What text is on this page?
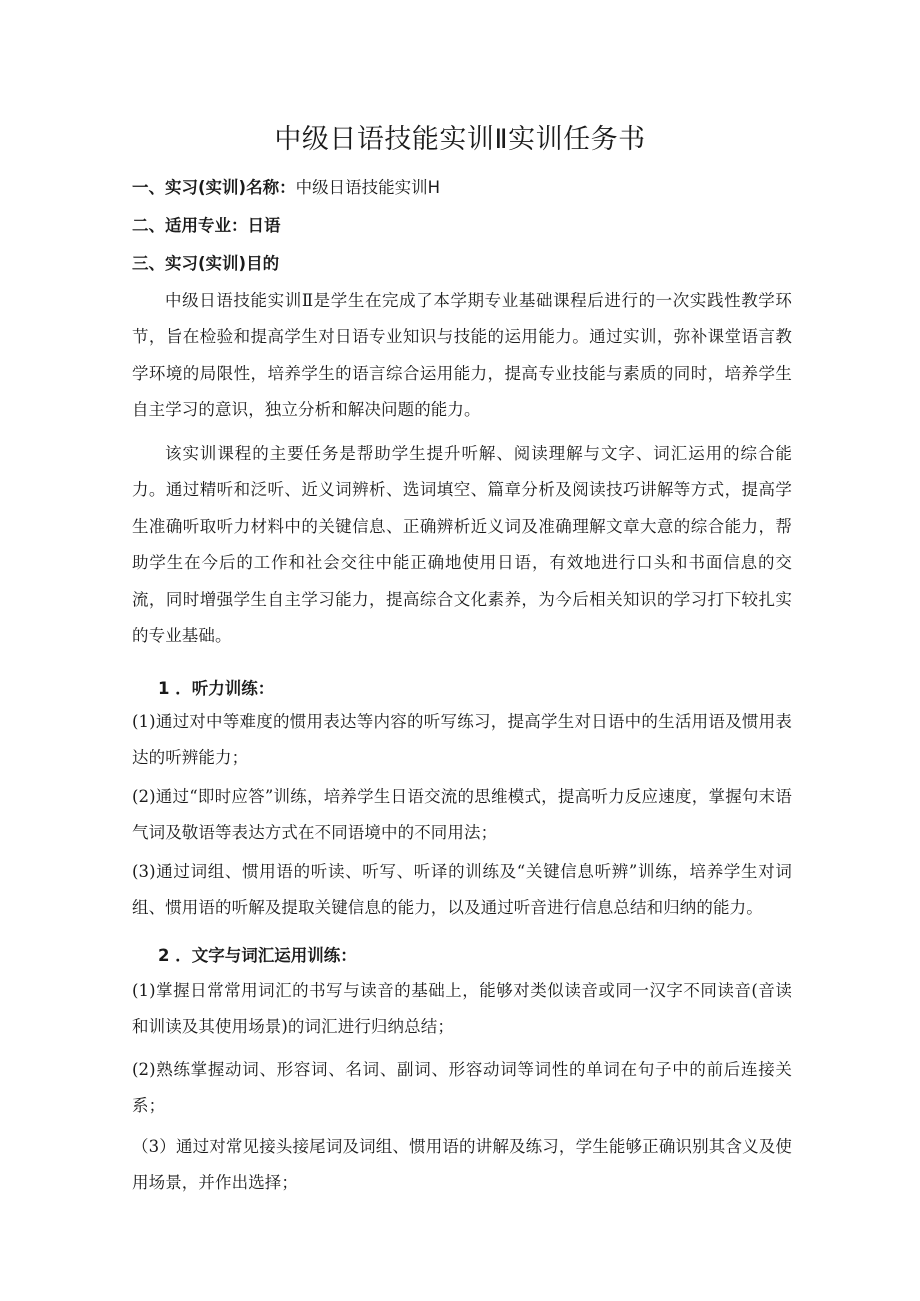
中级日语技能实训Ⅱ实训任务书
一、实习(实训)名称：中级日语技能实训H
二、适用专业：日语
三、实习(实训)目的
中级日语技能实训Ⅱ是学生在完成了本学期专业基础课程后进行的一次实践性教学环节，旨在检验和提高学生对日语专业知识与技能的运用能力。通过实训，弥补课堂语言教学环境的局限性，培养学生的语言综合运用能力，提高专业技能与素质的同时，培养学生自主学习的意识，独立分析和解决问题的能力。
该实训课程的主要任务是帮助学生提升听解、阅读理解与文字、词汇运用的综合能力。通过精听和泛听、近义词辨析、选词填空、篇章分析及阅读技巧讲解等方式，提高学生准确听取听力材料中的关键信息、正确辨析近义词及准确理解文章大意的综合能力，帮助学生在今后的工作和社会交往中能正确地使用日语，有效地进行口头和书面信息的交流，同时增强学生自主学习能力，提高综合文化素养，为今后相关知识的学习打下较扎实的专业基础。
1 ．听力训练：
(1)通过对中等难度的惯用表达等内容的听写练习，提高学生对日语中的生活用语及惯用表达的听辨能力；
(2)通过“即时应答”训练，培养学生日语交流的思维模式，提高听力反应速度，掌握句末语气词及敬语等表达方式在不同语境中的不同用法；
(3)通过词组、惯用语的听读、听写、听译的训练及“关键信息听辨”训练，培养学生对词组、惯用语的听解及提取关键信息的能力，以及通过听音进行信息总结和归纳的能力。
2 ．文字与词汇运用训练：
(1)掌握日常常用词汇的书写与读音的基础上，能够对类似读音或同一汉字不同读音(音读和训读及其使用场景)的词汇进行归纳总结；
(2)熟练掌握动词、形容词、名词、副词、形容动词等词性的单词在句子中的前后连接关系；
（3）通过对常见接头接尾词及词组、惯用语的讲解及练习，学生能够正确识别其含义及使用场景，并作出选择；
